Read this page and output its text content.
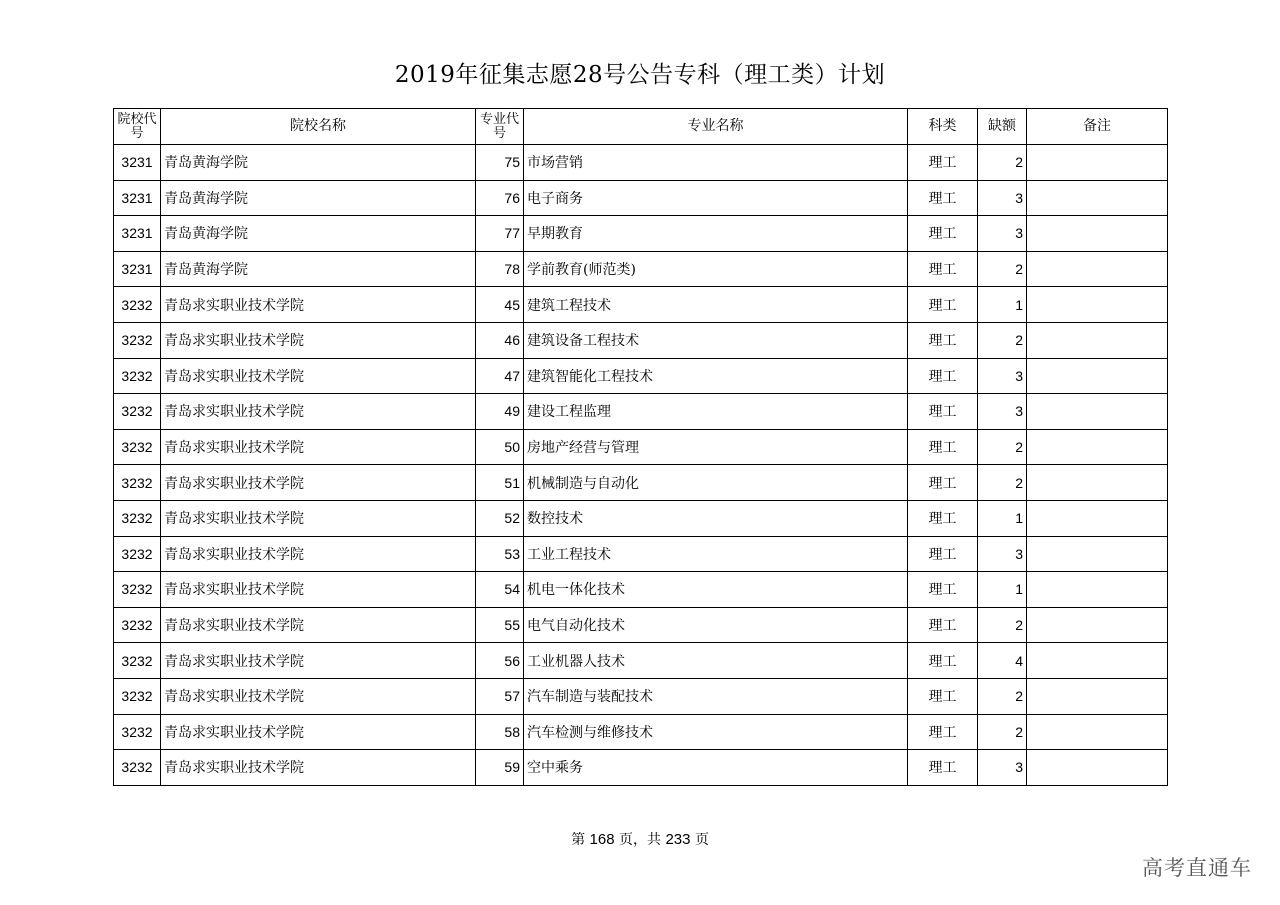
2019年征集志愿28号公告专科（理工类）计划
院校代号	院校名称	专业代号	专业名称	科类	缺额	备注
3231	青岛黄海学院	75	市场营销	理工	2	
3231	青岛黄海学院	76	电子商务	理工	3	
3231	青岛黄海学院	77	早期教育	理工	3	
3231	青岛黄海学院	78	学前教育(师范类)	理工	2	
3232	青岛求实职业技术学院	45	建筑工程技术	理工	1	
3232	青岛求实职业技术学院	46	建筑设备工程技术	理工	2	
3232	青岛求实职业技术学院	47	建筑智能化工程技术	理工	3	
3232	青岛求实职业技术学院	49	建设工程监理	理工	3	
3232	青岛求实职业技术学院	50	房地产经营与管理	理工	2	
3232	青岛求实职业技术学院	51	机械制造与自动化	理工	2	
3232	青岛求实职业技术学院	52	数控技术	理工	1	
3232	青岛求实职业技术学院	53	工业工程技术	理工	3	
3232	青岛求实职业技术学院	54	机电一体化技术	理工	1	
3232	青岛求实职业技术学院	55	电气自动化技术	理工	2	
3232	青岛求实职业技术学院	56	工业机器人技术	理工	4	
3232	青岛求实职业技术学院	57	汽车制造与装配技术	理工	2	
3232	青岛求实职业技术学院	58	汽车检测与维修技术	理工	2	
3232	青岛求实职业技术学院	59	空中乘务	理工	3	
第 168 页，共 233 页
高考直通车
